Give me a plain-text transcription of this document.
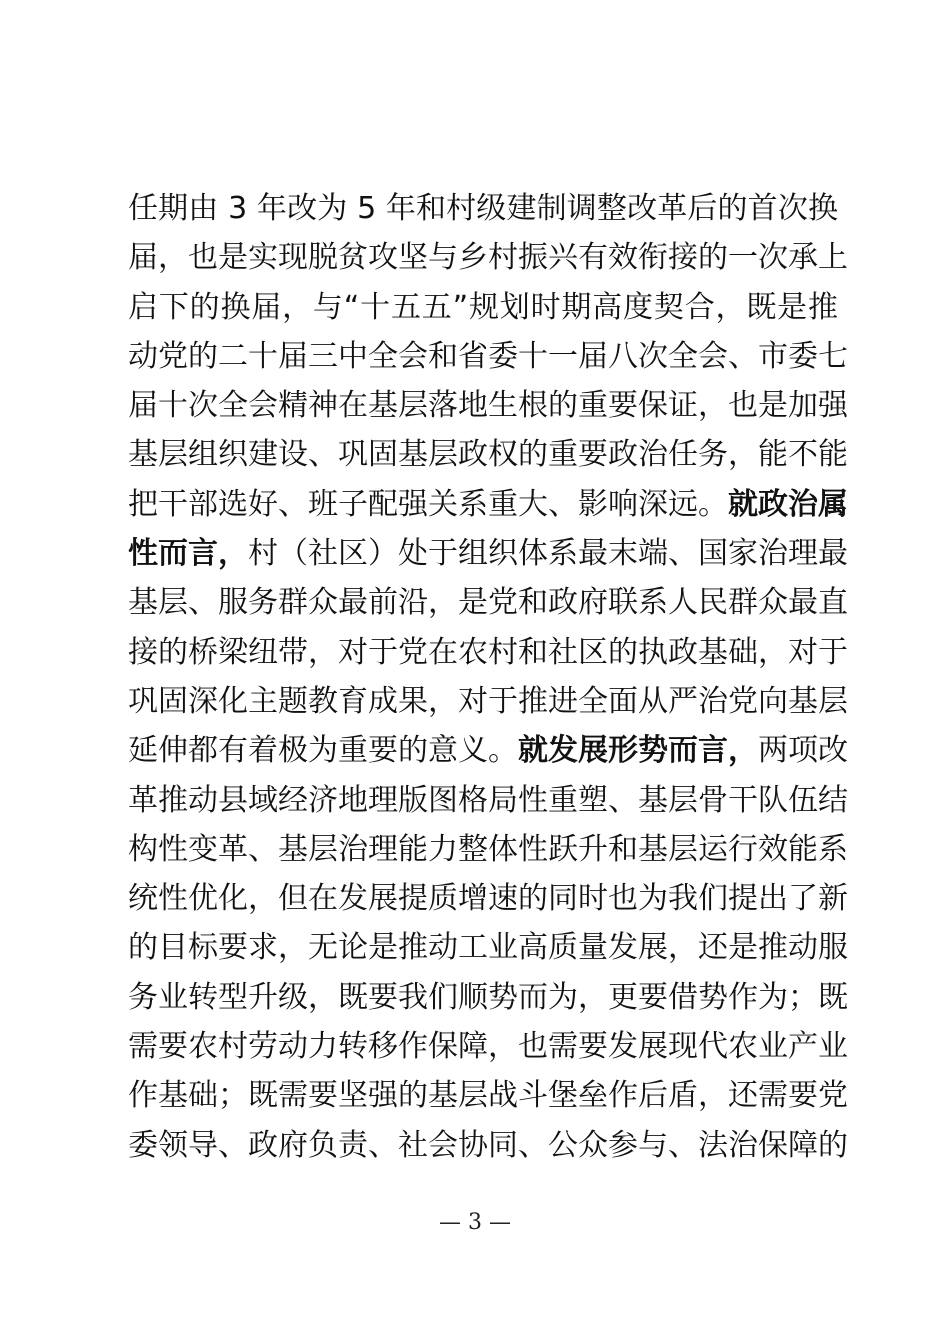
任期由 3 年改为 5 年和村级建制调整改革后的首次换
届，也是实现脱贫攻坚与乡村振兴有效衔接的一次承上
启下的换届，与“十五五”规划时期高度契合，既是推
动党的二十届三中全会和省委十一届八次全会、市委七
届十次全会精神在基层落地生根的重要保证，也是加强
基层组织建设、巩固基层政权的重要政治任务，能不能
把干部选好、班子配强关系重大、影响深远。就政治属
性而言，村（社区）处于组织体系最末端、国家治理最
基层、服务群众最前沿，是党和政府联系人民群众最直
接的桥梁纽带，对于党在农村和社区的执政基础，对于
巩固深化主题教育成果，对于推进全面从严治党向基层
延伸都有着极为重要的意义。就发展形势而言，两项改
革推动县域经济地理版图格局性重塑、基层骨干队伍结
构性变革、基层治理能力整体性跃升和基层运行效能系
统性优化，但在发展提质增速的同时也为我们提出了新
的目标要求，无论是推动工业高质量发展，还是推动服
务业转型升级，既要我们顺势而为，更要借势作为；既
需要农村劳动力转移作保障，也需要发展现代农业产业
作基础；既需要坚强的基层战斗堡垒作后盾，还需要党
委领导、政府负责、社会协同、公众参与、法治保障的
— 3 —
